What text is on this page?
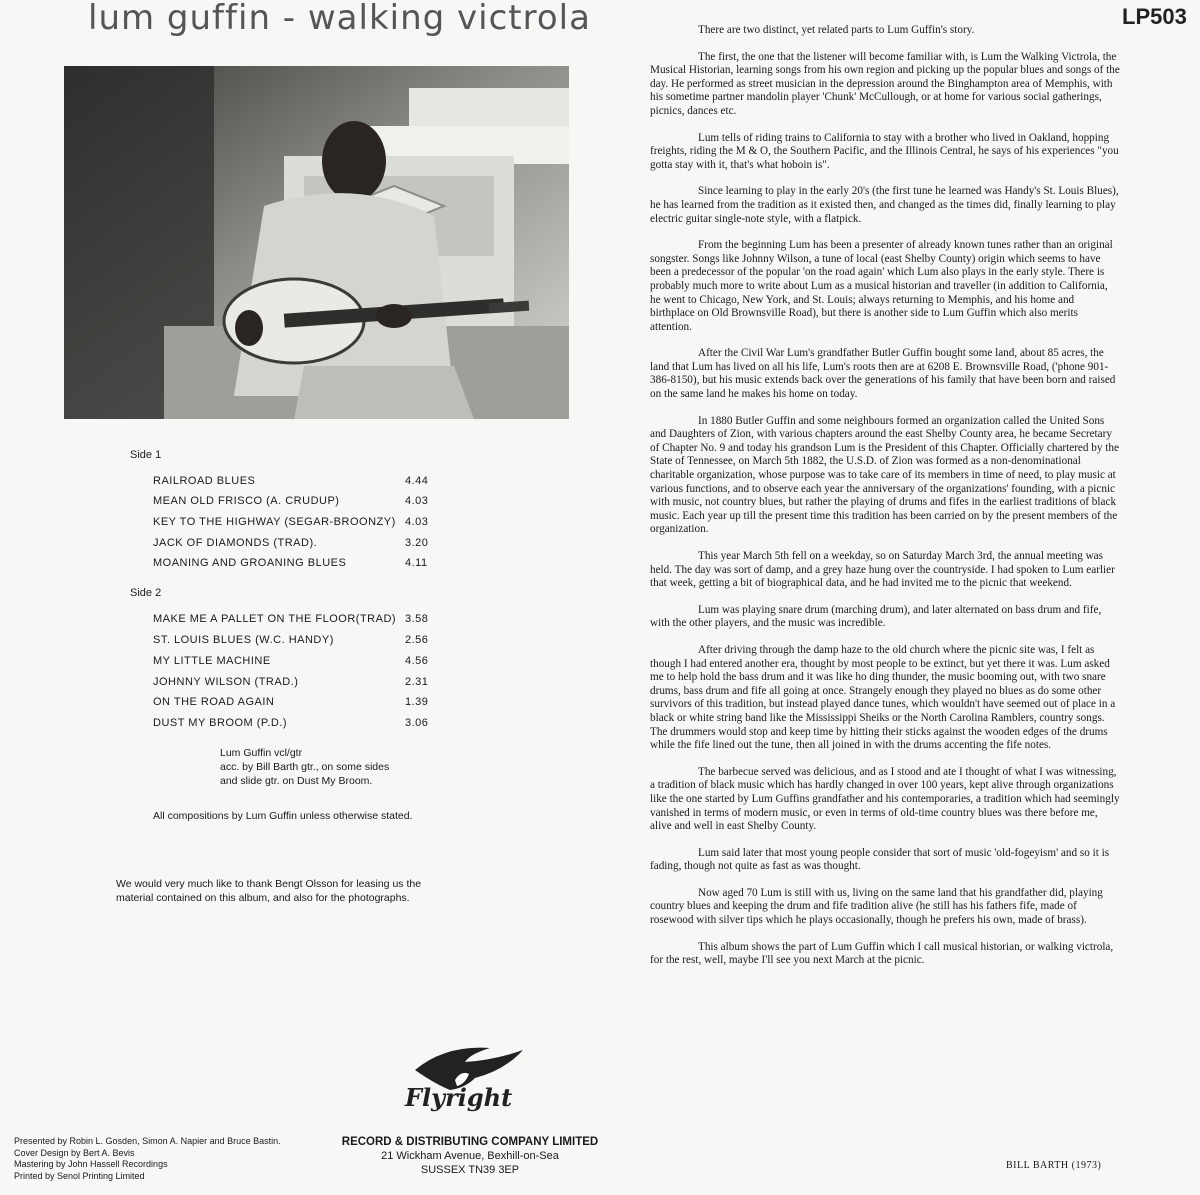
lum guffin - walking victrola	LP503
Side 1
RAILROAD BLUES	4.44
MEAN OLD FRISCO (A. CRUDUP)	4.03
KEY TO THE HIGHWAY (SEGAR-BROONZY) 4.03
JACK OF DIAMONDS (TRAD).	3.20
MOANING AND GROANING BLUES	4.11
Side 2
MAKE ME A PALLET ON THE FLOOR(TRAD) 3.58
ST. LOUIS BLUES (W.C. HANDY)	2.56
MY LITTLE MACHINE	4.56
JOHNNY WILSON (TRAD.)	2.31
ON THE ROAD AGAIN	1.39
DUST MY BROOM (P.D.)	3.06
Lum Guffin vcl/gtr
acc. by Bill Barth gtr., on some sides
and slide gtr. on Dust My Broom.
All compositions by Lum Guffin unless otherwise stated.
We would very much like to thank Bengt Olsson for leasing us the
material contained on this album, and also for the photographs.
Flyright
RECORD & DISTRIBUTING COMPANY LIMITED
21 Wickham Avenue, Bexhill-on-Sea
SUSSEX TN39 3EP
Presented by Robin L. Gosden, Simon A. Napier and Bruce Bastin.
Cover Design by Bert A. Bevis
Mastering by John Hassell Recordings
Printed by Senol Printing Limited

There are two distinct, yet related parts to Lum Guffin's story.

The first, the one that the listener will become familiar with, is Lum the Walking Victrola, the Musical Historian, learning songs from his own region and picking up the popular blues and songs of the day. He performed as street musician in the depression around the Binghampton area of Memphis, with his sometime partner mandolin player 'Chunk' McCullough, or at home for various social gatherings, picnics, dances etc.

Lum tells of riding trains to California to stay with a brother who lived in Oakland, hopping freights, riding the M & O, the Southern Pacific, and the Illinois Central, he says of his experiences "you gotta stay with it, that's what hoboin is".

Since learning to play in the early 20's (the first tune he learned was Handy's St. Louis Blues), he has learned from the tradition as it existed then, and changed as the times did, finally learning to play electric guitar single-note style, with a flatpick.

From the beginning Lum has been a presenter of already known tunes rather than an original songster. Songs like Johnny Wilson, a tune of local (east Shelby County) origin which seems to have been a predecessor of the popular 'on the road again' which Lum also plays in the early style. There is probably much more to write about Lum as a musical historian and traveller (in addition to California, he went to Chicago, New York, and St. Louis; always returning to Memphis, and his home and birthplace on Old Brownsville Road), but there is another side to Lum Guffin which also merits attention.

After the Civil War Lum's grandfather Butler Guffin bought some land, about 85 acres, the land that Lum has lived on all his life, Lum's roots then are at 6208 E. Brownsville Road, ('phone 901-386-8150), but his music extends back over the generations of his family that have been born and raised on the same land he makes his home on today.

In 1880 Butler Guffin and some neighbours formed an organization called the United Sons and Daughters of Zion, with various chapters around the east Shelby County area, he became Secretary of Chapter No. 9 and today his grandson Lum is the President of this Chapter. Officially chartered by the State of Tennessee, on March 5th 1882, the U.S.D. of Zion was formed as a non-denominational charitable organization, whose purpose was to take care of its members in time of need, to play music at various functions, and to observe each year the anniversary of the organizations' founding, with a picnic with music, not country blues, but rather the playing of drums and fifes in the earliest traditions of black music. Each year up till the present time this tradition has been carried on by the present members of the organization.

This year March 5th fell on a weekday, so on Saturday March 3rd, the annual meeting was held. The day was sort of damp, and a grey haze hung over the countryside. I had spoken to Lum earlier that week, getting a bit of biographical data, and he had invited me to the picnic that weekend.

Lum was playing snare drum (marching drum), and later alternated on bass drum and fife, with the other players, and the music was incredible.

After driving through the damp haze to the old church where the picnic site was, I felt as though I had entered another era, thought by most people to be extinct, but yet there it was. Lum asked me to help hold the bass drum and it was like ho ding thunder, the music booming out, with two snare drums, bass drum and fife all going at once. Strangely enough they played no blues as do some other survivors of this tradition, but instead played dance tunes, which wouldn't have seemed out of place in a black or white string band like the Mississippi Sheiks or the North Carolina Ramblers, country songs. The drummers would stop and keep time by hitting their sticks against the wooden edges of the drums while the fife lined out the tune, then all joined in with the drums accenting the fife notes.

The barbecue served was delicious, and as I stood and ate I thought of what I was witnessing, a tradition of black music which has hardly changed in over 100 years, kept alive through organizations like the one started by Lum Guffins grandfather and his contemporaries, a tradition which had seemingly vanished in terms of modern music, or even in terms of old-time country blues was there before me, alive and well in east Shelby County.

Lum said later that most young people consider that sort of music 'old-fogeyism' and so it is fading, though not quite as fast as was thought.

Now aged 70 Lum is still with us, living on the same land that his grandfather did, playing country blues and keeping the drum and fife tradition alive (he still has his fathers fife, made of rosewood with silver tips which he plays occasionally, though he prefers his own, made of brass).

This album shows the part of Lum Guffin which I call musical historian, or walking victrola, for the rest, well, maybe I'll see you next March at the picnic.

BILL BARTH (1973)
